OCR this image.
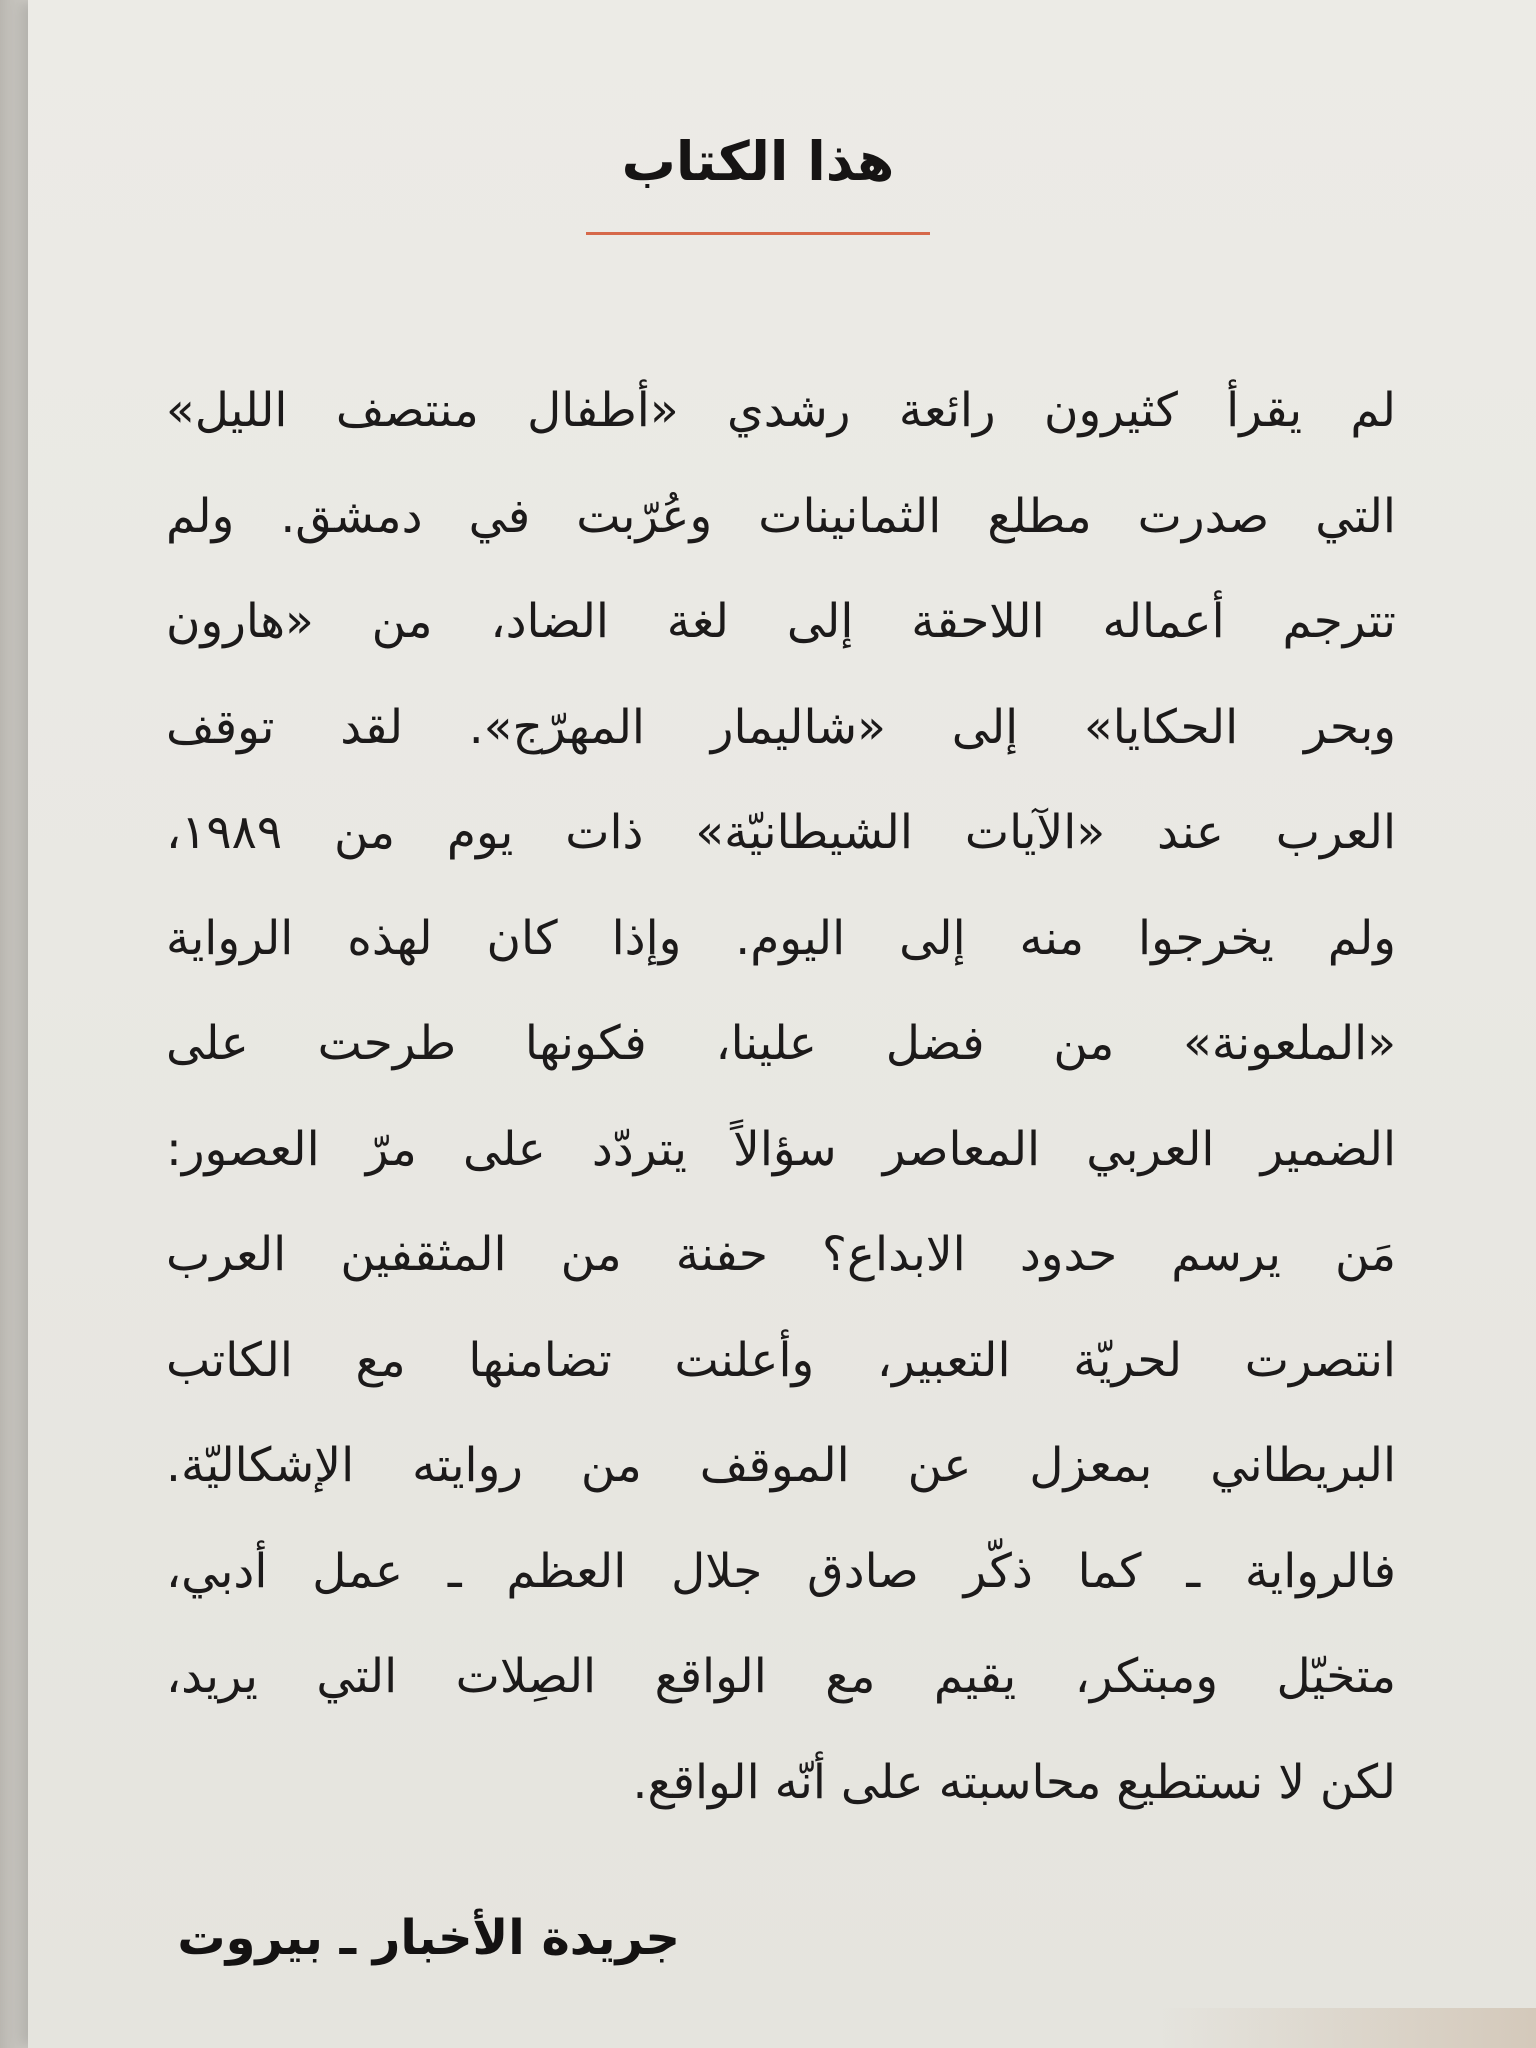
هذا الكتاب

لم يقرأ كثيرون رائعة رشدي «أطفال منتصف الليل»
التي صدرت مطلع الثمانينات وعُرّبت في دمشق. ولم
تترجم أعماله اللاحقة إلى لغة الضاد، من «هارون
وبحر الحكايا» إلى «شاليمار المهرّج». لقد توقف
العرب عند «الآيات الشيطانيّة» ذات يوم من ١٩٨٩،
ولم يخرجوا منه إلى اليوم. وإذا كان لهذه الرواية
«الملعونة» من فضل علينا، فكونها طرحت على
الضمير العربي المعاصر سؤالاً يتردّد على مرّ العصور:
مَن يرسم حدود الابداع؟ حفنة من المثقفين العرب
انتصرت لحريّة التعبير، وأعلنت تضامنها مع الكاتب
البريطاني بمعزل عن الموقف من روايته الإشكاليّة.
فالرواية ـ كما ذكّر صادق جلال العظم ـ عمل أدبي،
متخيّل ومبتكر، يقيم مع الواقع الصِلات التي يريد،
لكن لا نستطيع محاسبته على أنّه الواقع.

جريدة الأخبار ـ بيروت
